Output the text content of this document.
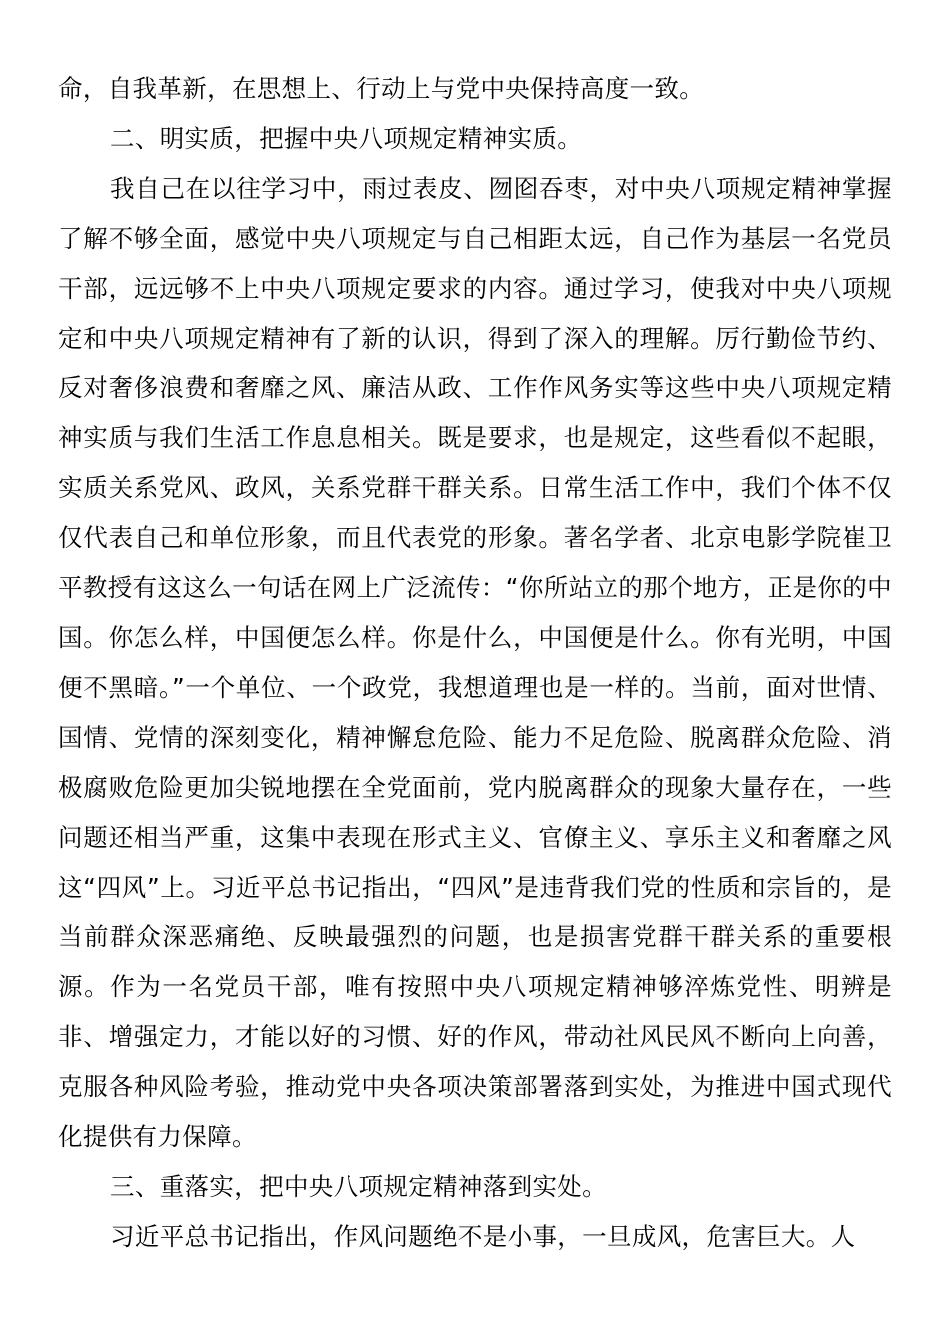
命，自我革新，在思想上、行动上与党中央保持高度一致。

二、明实质，把握中央八项规定精神实质。

我自己在以往学习中，雨过表皮、囫囵吞枣，对中央八项规定精神掌握了解不够全面，感觉中央八项规定与自己相距太远，自己作为基层一名党员干部，远远够不上中央八项规定要求的内容。通过学习，使我对中央八项规定和中央八项规定精神有了新的认识，得到了深入的理解。厉行勤俭节约、反对奢侈浪费和奢靡之风、廉洁从政、工作作风务实等这些中央八项规定精神实质与我们生活工作息息相关。既是要求，也是规定，这些看似不起眼，实质关系党风、政风，关系党群干群关系。日常生活工作中，我们个体不仅仅代表自己和单位形象，而且代表党的形象。著名学者、北京电影学院崔卫平教授有这这么一句话在网上广泛流传：“你所站立的那个地方，正是你的中国。你怎么样，中国便怎么样。你是什么，中国便是什么。你有光明，中国便不黑暗。”一个单位、一个政党，我想道理也是一样的。当前，面对世情、国情、党情的深刻变化，精神懈怠危险、能力不足危险、脱离群众危险、消极腐败危险更加尖锐地摆在全党面前，党内脱离群众的现象大量存在，一些问题还相当严重，这集中表现在形式主义、官僚主义、享乐主义和奢靡之风这“四风”上。习近平总书记指出，“四风”是违背我们党的性质和宗旨的，是当前群众深恶痛绝、反映最强烈的问题，也是损害党群干群关系的重要根源。作为一名党员干部，唯有按照中央八项规定精神够淬炼党性、明辨是非、增强定力，才能以好的习惯、好的作风，带动社风民风不断向上向善，克服各种风险考验，推动党中央各项决策部署落到实处，为推进中国式现代化提供有力保障。

三、重落实，把中央八项规定精神落到实处。

习近平总书记指出，作风问题绝不是小事，一旦成风，危害巨大。人
